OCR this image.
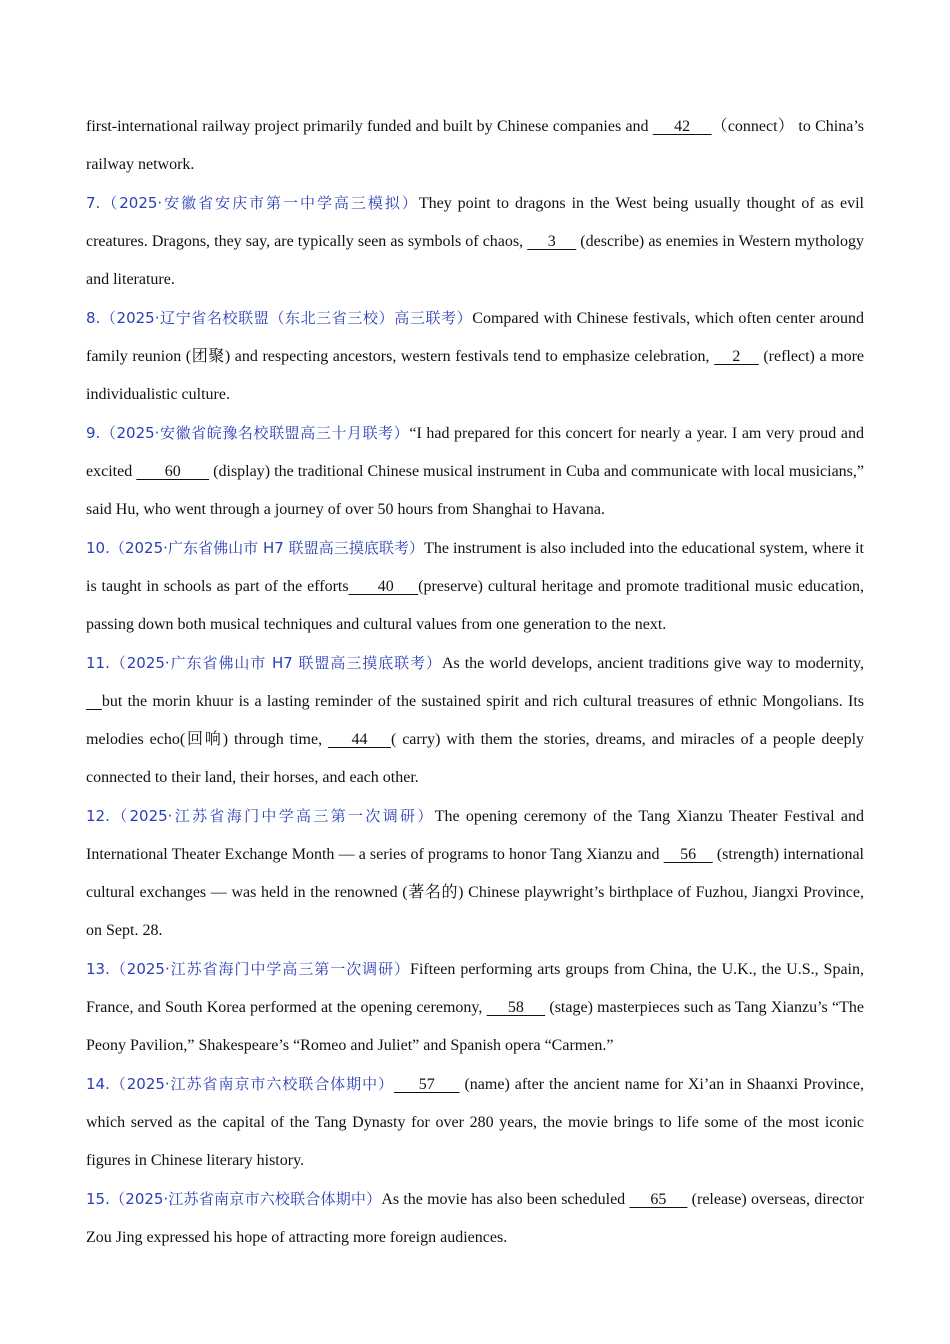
first-international railway project primarily funded and built by Chinese companies and      42     （connect） to China’s railway network.

7.（2025·安徽省安庆市第一中学高三模拟）They point to dragons in the West being usually thought of as evil creatures. Dragons, they say, are typically seen as symbols of chaos,      3      (describe) as enemies in Western mythology and literature.

8.（2025·辽宁省名校联盟（东北三省三校）高三联考）Compared with Chinese festivals, which often center around family reunion (团聚) and respecting ancestors, western festivals tend to emphasize celebration,     2     (reflect) a more individualistic culture.

9.（2025·安徽省皖豫名校联盟高三十月联考）“I had prepared for this concert for nearly a year. I am very proud and excited        60        (display) the traditional Chinese musical instrument in Cuba and communicate with local musicians,” said Hu, who went through a journey of over 50 hours from Shanghai to Havana.

10.（2025·广东省佛山市 H7 联盟高三摸底联考）The instrument is also included into the educational system, where it is taught in schools as part of the efforts      40     (preserve) cultural heritage and promote traditional music education, passing down both musical techniques and cultural values from one generation to the next.

11.（2025·广东省佛山市 H7 联盟高三摸底联考）As the world develops, ancient traditions give way to modernity,    but the morin khuur is a lasting reminder of the sustained spirit and rich cultural treasures of ethnic Mongolians. Its melodies echo(回响) through time,     44    ( carry) with them the stories, dreams, and miracles of a people deeply connected to their land, their horses, and each other.

12.（2025·江苏省海门中学高三第一次调研）The opening ceremony of the Tang Xianzu Theater Festival and International Theater Exchange Month — a series of programs to honor Tang Xianzu and     56     (strength) international cultural exchanges — was held in the renowned (著名的) Chinese playwright’s birthplace of Fuzhou, Jiangxi Province, on Sept. 28.

13.（2025·江苏省海门中学高三第一次调研）Fifteen performing arts groups from China, the U.K., the U.S., Spain, France, and South Korea performed at the opening ceremony,      58      (stage) masterpieces such as Tang Xianzu’s “The Peony Pavilion,” Shakespeare’s “Romeo and Juliet” and Spanish opera “Carmen.”

14.（2025·江苏省南京市六校联合体期中）     57      (name) after the ancient name for Xi’an in Shaanxi Province, which served as the capital of the Tang Dynasty for over 280 years, the movie brings to life some of the most iconic figures in Chinese literary history.

15.（2025·江苏省南京市六校联合体期中）As the movie has also been scheduled      65      (release) overseas, director Zou Jing expressed his hope of attracting more foreign audiences.
